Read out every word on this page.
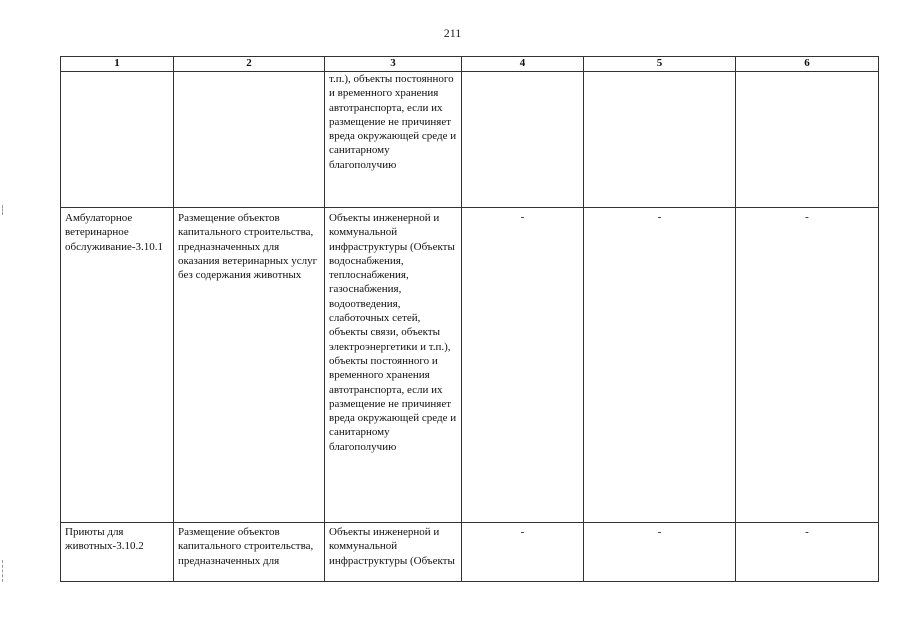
211
1	2	3	4	5	6

		т.п.), объекты постоянного и временного хранения автотранспорта, если их размещение не причиняет вреда окружающей среде и санитарному благополучию			

Амбулаторное ветеринарное обслуживание-3.10.1	Размещение объектов капитального строительства, предназначенных для оказания ветеринарных услуг без содержания животных	Объекты инженерной и коммунальной инфраструктуры (Объекты водоснабжения, теплоснабжения, газоснабжения, водоотведения, слаботочных сетей, объекты связи, объекты электроэнергетики и т.п.), объекты постоянного и временного хранения автотранспорта, если их размещение не причиняет вреда окружающей среде и санитарному благополучию	-	-	-

Приюты для животных-3.10.2	Размещение объектов капитального строительства, предназначенных для	Объекты инженерной и коммунальной инфраструктуры (Объекты	-	-	-
